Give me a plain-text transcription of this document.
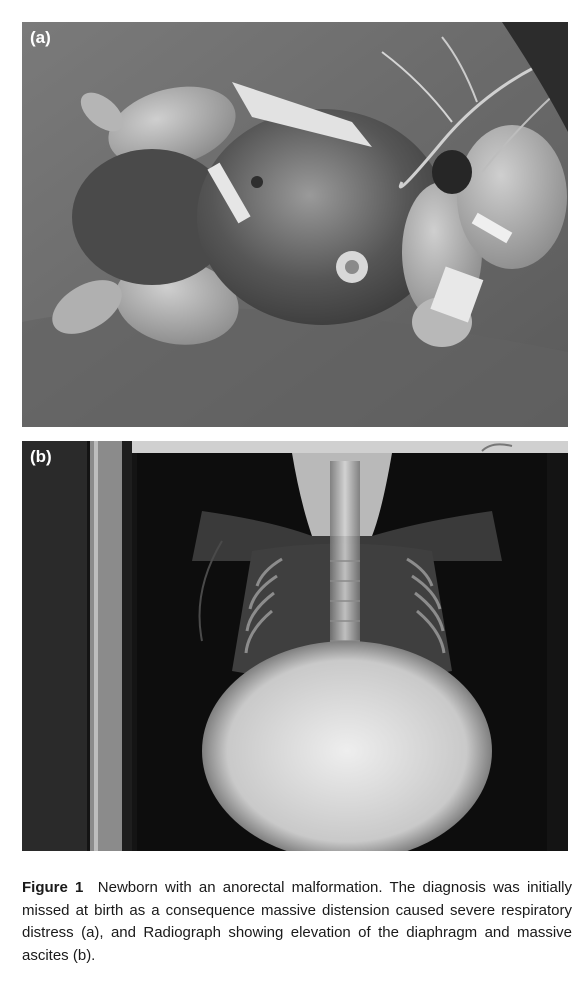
(a)
(b)
Figure 1 Newborn with an anorectal malformation. The diagnosis was initially missed at birth as a consequence massive distension caused severe respiratory distress (a), and Radiograph showing elevation of the diaphragm and massive ascites (b).
